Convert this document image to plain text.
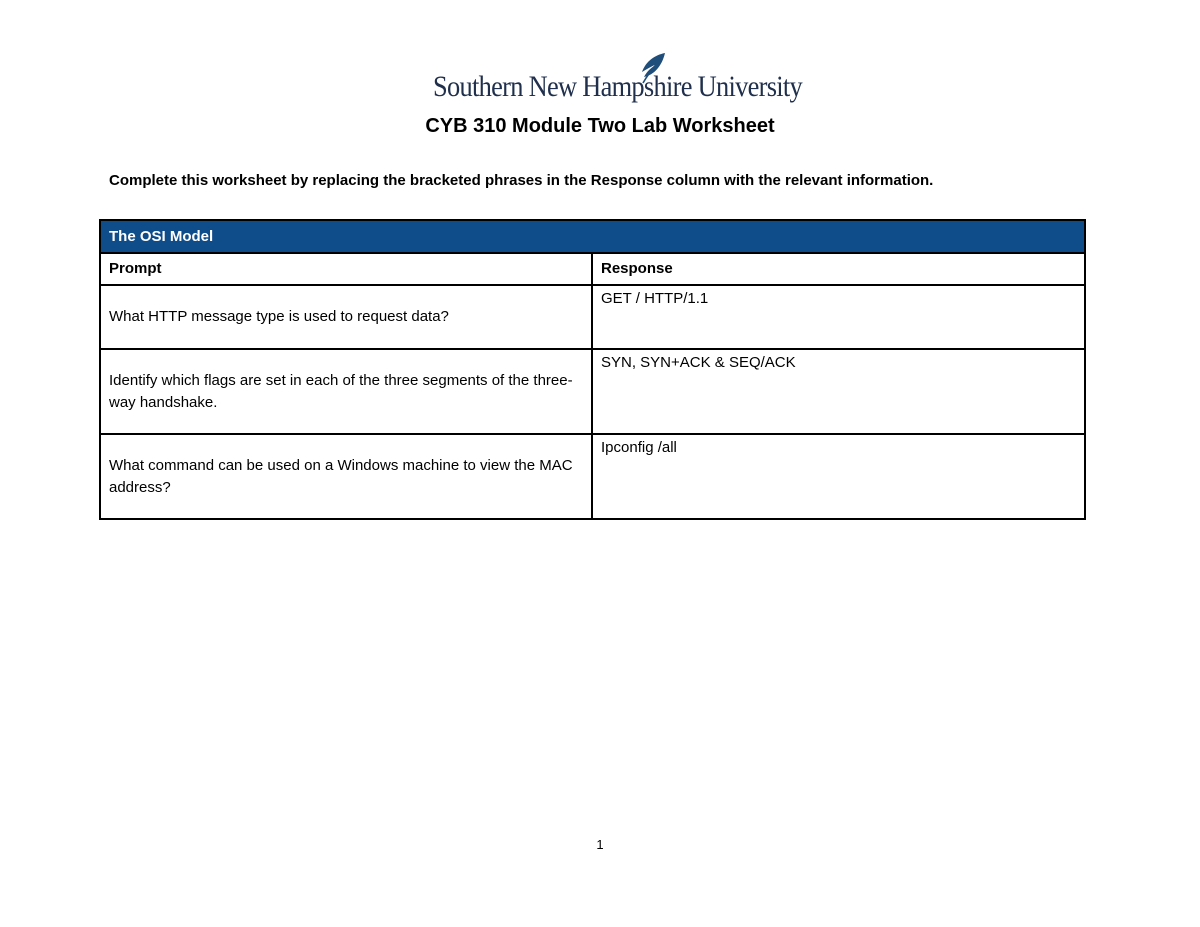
Southern New Hampshire University
CYB 310 Module Two Lab Worksheet
Complete this worksheet by replacing the bracketed phrases in the Response column with the relevant information.
The OSI Model	
Prompt	Response
What HTTP message type is used to request data?	GET / HTTP/1.1
Identify which flags are set in each of the three segments of the three-way handshake.	SYN, SYN+ACK & SEQ/ACK
What command can be used on a Windows machine to view the MAC address?	Ipconfig /all
1
